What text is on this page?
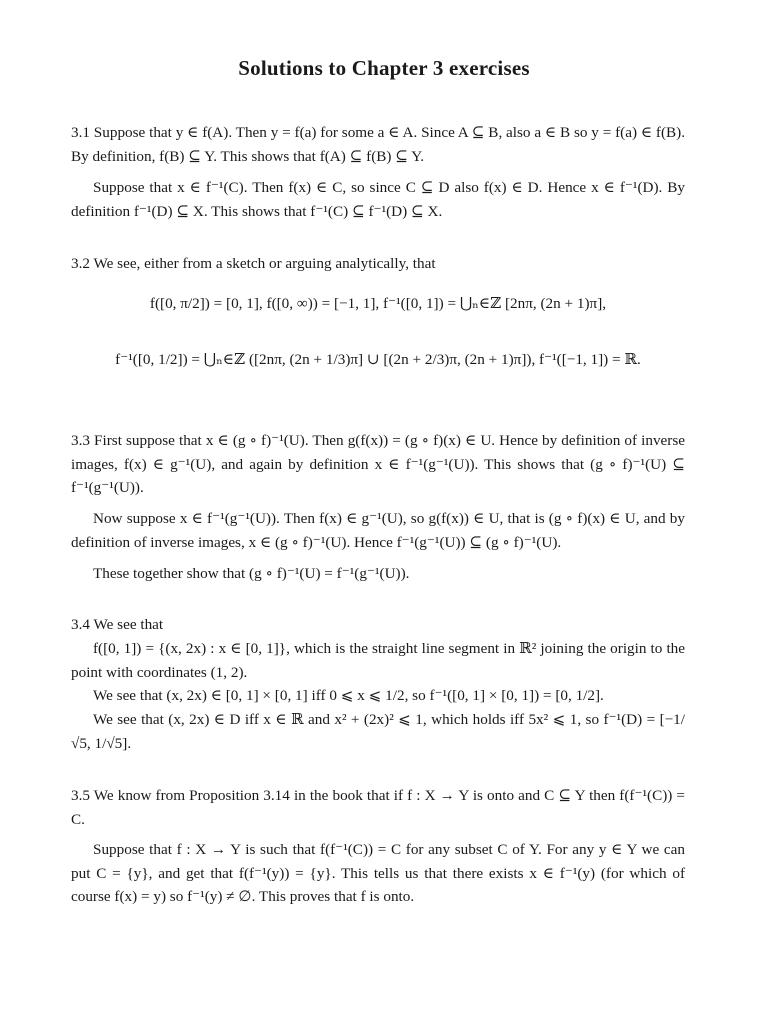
Solutions to Chapter 3 exercises

3.1 Suppose that y ∈ f(A). Then y = f(a) for some a ∈ A. Since A ⊆ B, also a ∈ B so y = f(a) ∈ f(B). By definition, f(B) ⊆ Y. This shows that f(A) ⊆ f(B) ⊆ Y.

Suppose that x ∈ f⁻¹(C). Then f(x) ∈ C, so since C ⊆ D also f(x) ∈ D. Hence x ∈ f⁻¹(D). By definition f⁻¹(D) ⊆ X. This shows that f⁻¹(C) ⊆ f⁻¹(D) ⊆ X.

3.2 We see, either from a sketch or arguing analytically, that

f([0, π/2]) = [0, 1], f([0, ∞)) = [−1, 1], f⁻¹([0, 1]) = ⋃ₙ∈ℤ [2nπ, (2n + 1)π],

f⁻¹([0, 1/2]) = ⋃ₙ∈ℤ ([2nπ, (2n + 1/3)π] ∪ [(2n + 2/3)π, (2n + 1)π]), f⁻¹([−1, 1]) = ℝ.

3.3 First suppose that x ∈ (g ∘ f)⁻¹(U). Then g(f(x)) = (g ∘ f)(x) ∈ U. Hence by definition of inverse images, f(x) ∈ g⁻¹(U), and again by definition x ∈ f⁻¹(g⁻¹(U)). This shows that (g ∘ f)⁻¹(U) ⊆ f⁻¹(g⁻¹(U)).

Now suppose x ∈ f⁻¹(g⁻¹(U)). Then f(x) ∈ g⁻¹(U), so g(f(x)) ∈ U, that is (g ∘ f)(x) ∈ U, and by definition of inverse images, x ∈ (g ∘ f)⁻¹(U). Hence f⁻¹(g⁻¹(U)) ⊆ (g ∘ f)⁻¹(U).

These together show that (g ∘ f)⁻¹(U) = f⁻¹(g⁻¹(U)).

3.4 We see that

f([0, 1]) = {(x, 2x) : x ∈ [0, 1]}, which is the straight line segment in ℝ² joining the origin to the point with coordinates (1, 2).

We see that (x, 2x) ∈ [0, 1] × [0, 1] iff 0 ⩽ x ⩽ 1/2, so f⁻¹([0, 1] × [0, 1]) = [0, 1/2].

We see that (x, 2x) ∈ D iff x ∈ ℝ and x² + (2x)² ⩽ 1, which holds iff 5x² ⩽ 1, so f⁻¹(D) = [−1/√5, 1/√5].

3.5 We know from Proposition 3.14 in the book that if f : X → Y is onto and C ⊆ Y then f(f⁻¹(C)) = C.

Suppose that f : X → Y is such that f(f⁻¹(C)) = C for any subset C of Y. For any y ∈ Y we can put C = {y}, and get that f(f⁻¹(y)) = {y}. This tells us that there exists x ∈ f⁻¹(y) (for which of course f(x) = y) so f⁻¹(y) ≠ ∅. This proves that f is onto.
